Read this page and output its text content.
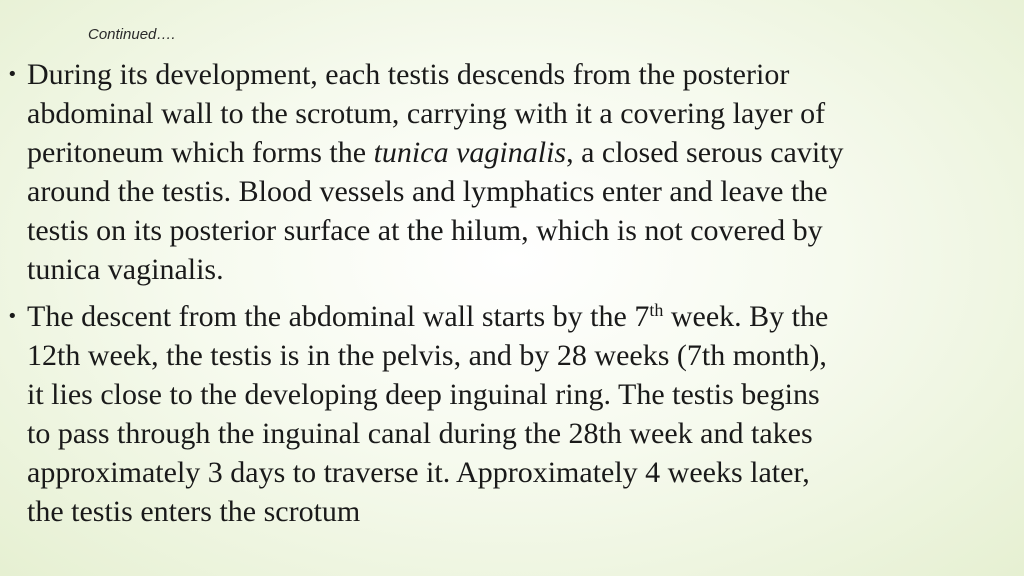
Continued….
• During its development, each testis descends from the posterior
abdominal wall to the scrotum, carrying with it a covering layer of
peritoneum which forms the tunica vaginalis, a closed serous cavity
around the testis. Blood vessels and lymphatics enter and leave the
testis on its posterior surface at the hilum, which is not covered by
tunica vaginalis.
• The descent from the abdominal wall starts by the 7th week. By the
12th week, the testis is in the pelvis, and by 28 weeks (7th month),
it lies close to the developing deep inguinal ring. The testis begins
to pass through the inguinal canal during the 28th week and takes
approximately 3 days to traverse it. Approximately 4 weeks later,
the testis enters the scrotum
